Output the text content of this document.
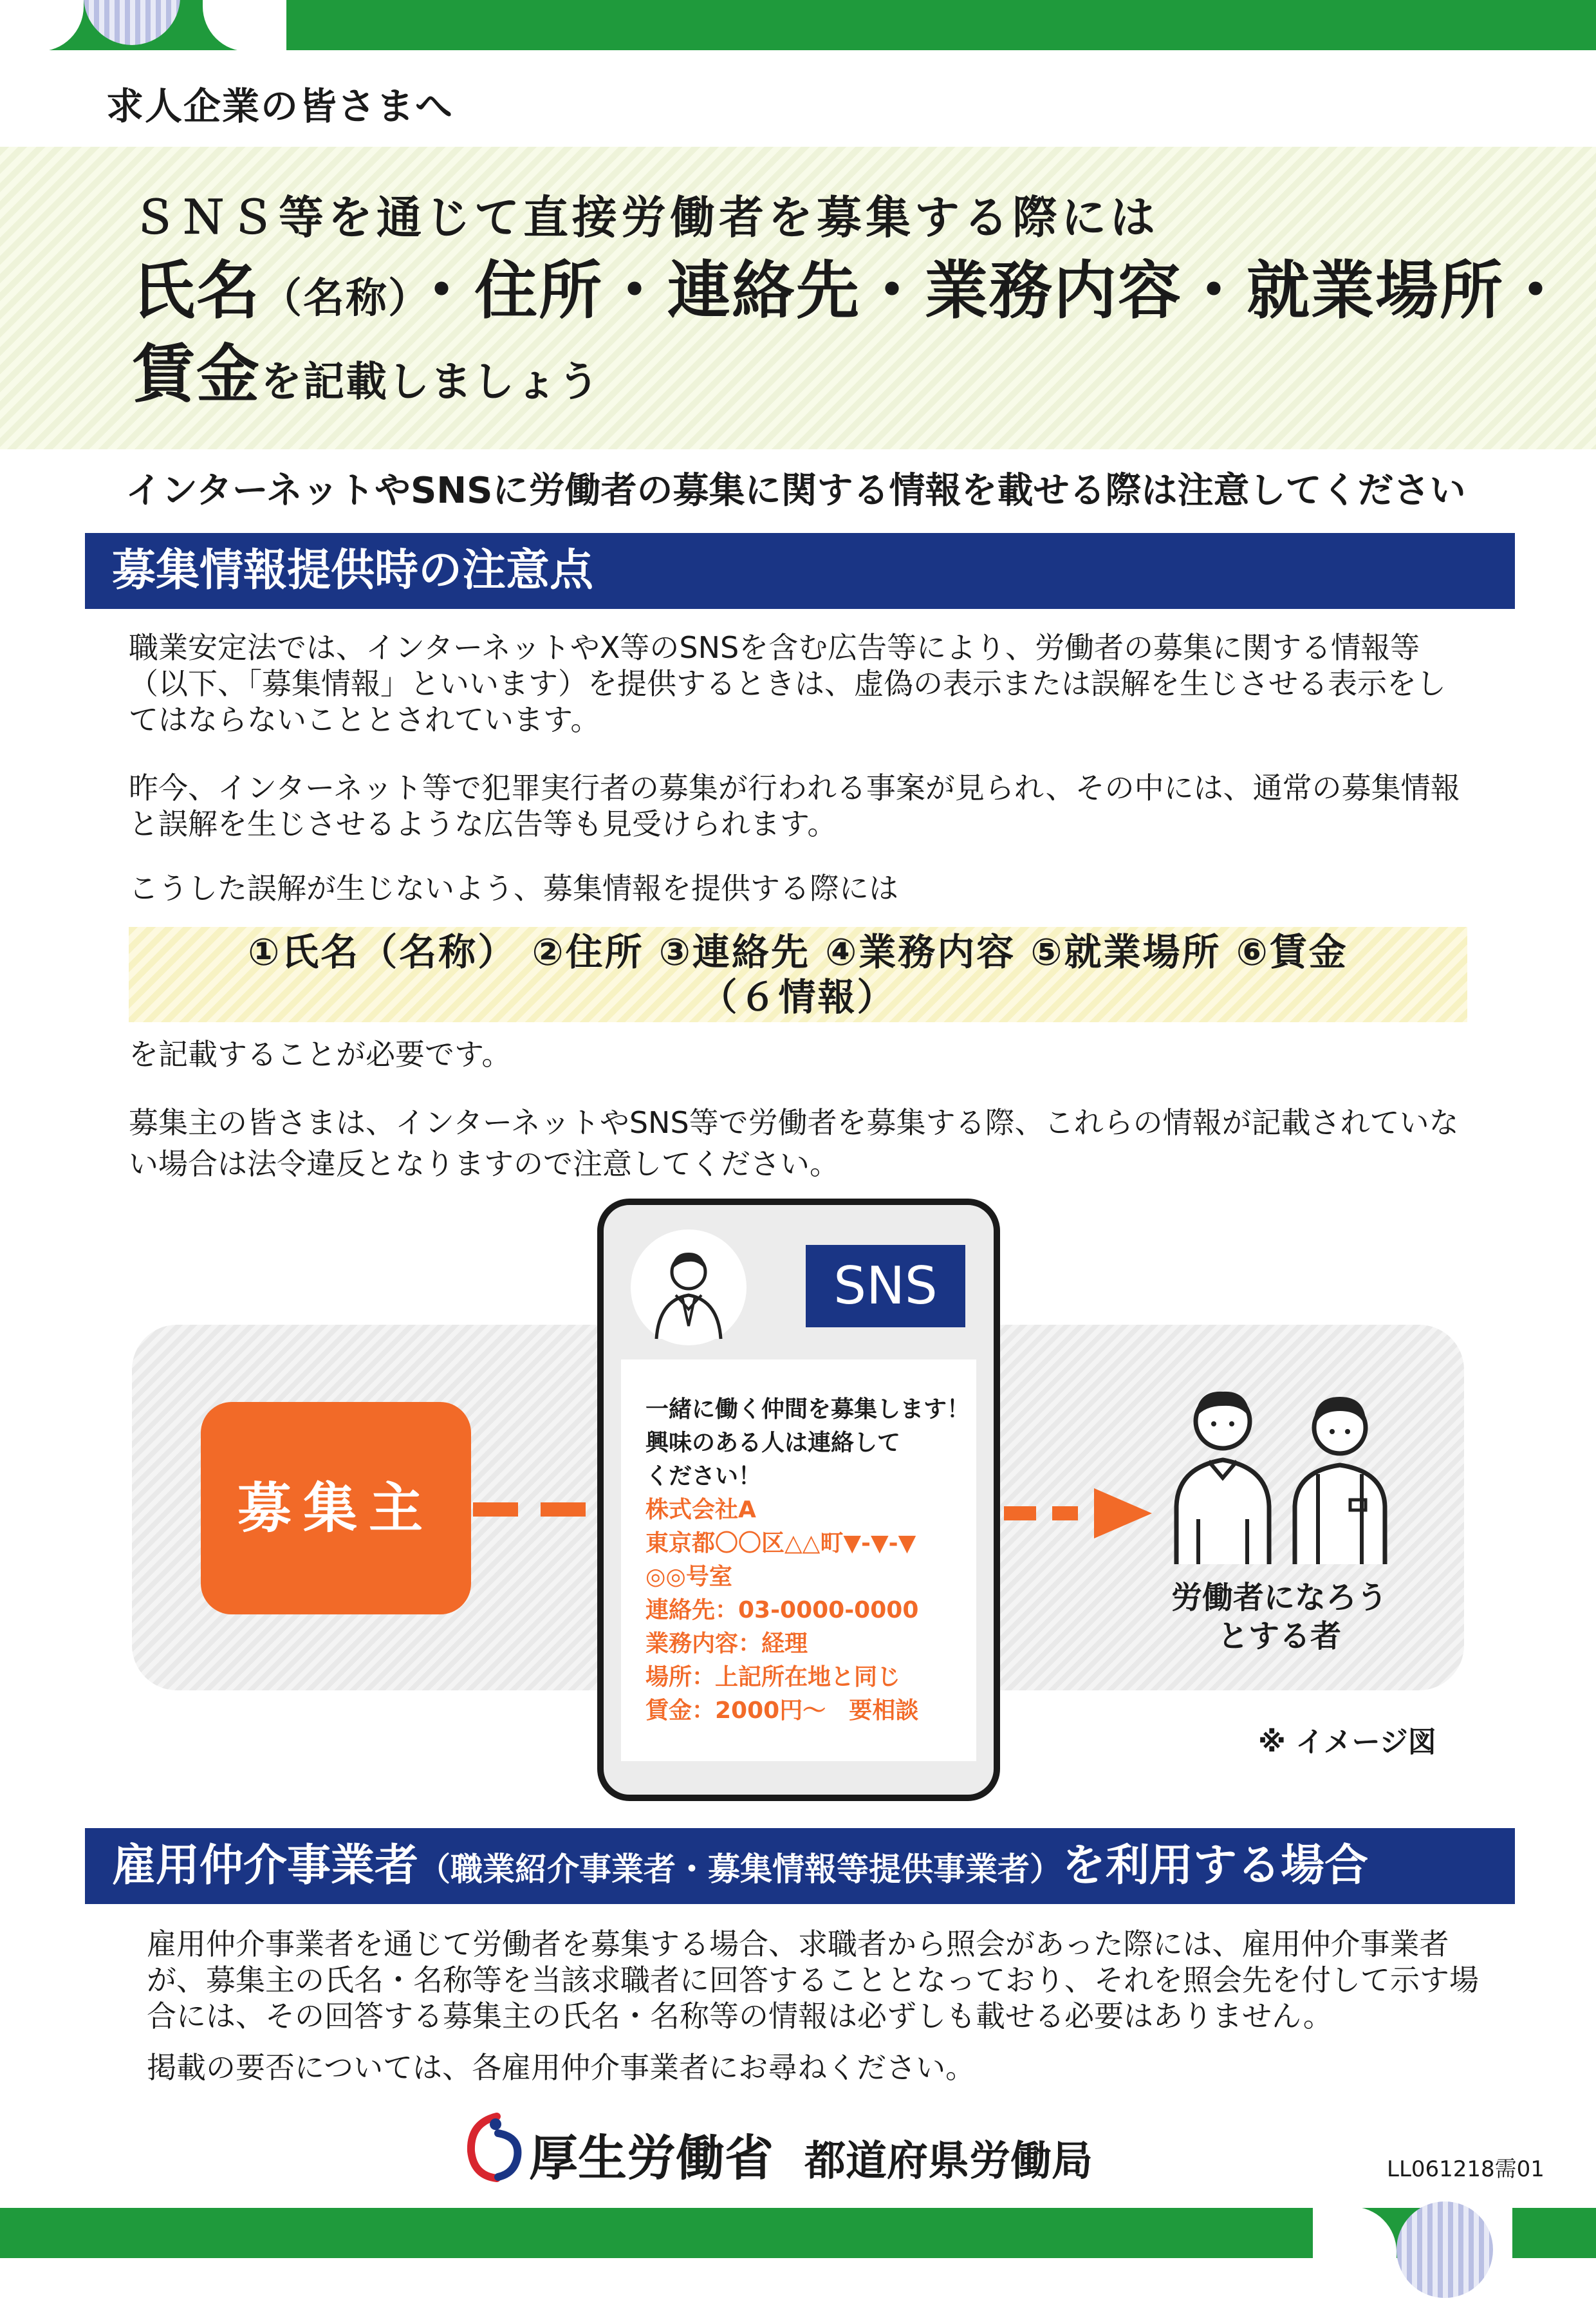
求人企業の皆さまへ
ＳＮＳ等を通じて直接労働者を募集する際には
氏名（名称）・住所・連絡先・業務内容・就業場所・
賃金を記載しましょう
インターネットやSNSに労働者の募集に関する情報を載せる際は注意してください
募集情報提供時の注意点
職業安定法では、インターネットやX等のSNSを含む広告等により、労働者の募集に関する情報等（以下、「募集情報」といいます）を提供するときは、虚偽の表示または誤解を生じさせる表示をしてはならないこととされています。
昨今、インターネット等で犯罪実行者の募集が行われる事案が見られ、その中には、通常の募集情報と誤解を生じさせるような広告等も見受けられます。
こうした誤解が生じないよう、募集情報を提供する際には
①氏名（名称） ②住所 ③連絡先 ④業務内容 ⑤就業場所 ⑥賃金
（６情報）
を記載することが必要です。
募集主の皆さまは、インターネットやSNS等で労働者を募集する際、これらの情報が記載されていない場合は法令違反となりますので注意してください。
募集主
SNS
一緒に働く仲間を募集します！
興味のある人は連絡して
ください！
株式会社A
東京都〇〇区△△町▼-▼-▼
◎◎号室
連絡先：03-0000-0000
業務内容：経理
場所：上記所在地と同じ
賃金：2000円～　要相談
労働者になろう
とする者
※ イメージ図
雇用仲介事業者（職業紹介事業者・募集情報等提供事業者）を利用する場合
雇用仲介事業者を通じて労働者を募集する場合、求職者から照会があった際には、雇用仲介事業者が、募集主の氏名・名称等を当該求職者に回答することとなっており、それを照会先を付して示す場合には、その回答する募集主の氏名・名称等の情報は必ずしも載せる必要はありません。
掲載の要否については、各雇用仲介事業者にお尋ねください。
厚生労働省 都道府県労働局	LL061218需01
